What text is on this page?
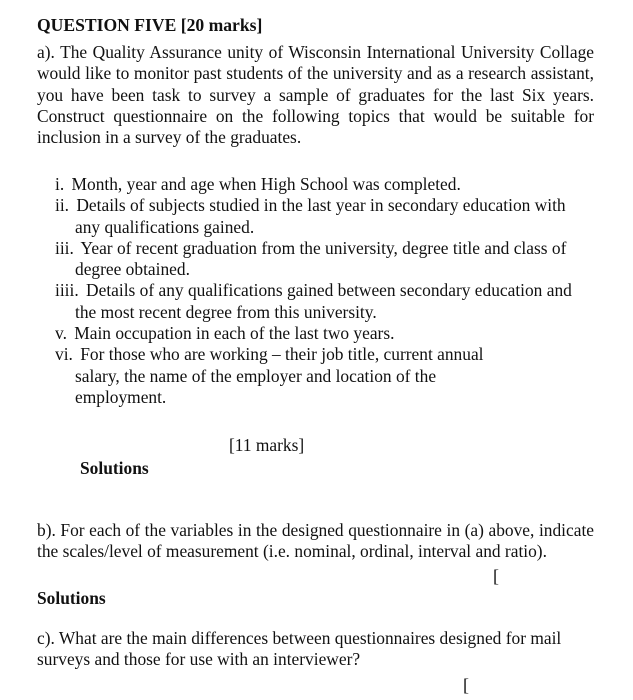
QUESTION FIVE [20 marks]
a). The Quality Assurance unity of Wisconsin International University Collage would like to monitor past students of the university and as a research assistant, you have been task to survey a sample of graduates for the last Six years. Construct questionnaire on the following topics that would be suitable for inclusion in a survey of the graduates.

i. Month, year and age when High School was completed.

ii. Details of subjects studied in the last year in secondary education with any qualifications gained.

iii. Year of recent graduation from the university, degree title and class of degree obtained.

iiii. Details of any qualifications gained between secondary education and the most recent degree from this university.

v. Main occupation in each of the last two years.

vi. For those who are working – their job title, current annual salary, the name of the employer and location of the employment.

[11 marks]
Solutions
b). For each of the variables in the designed questionnaire in (a) above, indicate the scales/level of measurement (i.e. nominal, ordinal, interval and ratio).
[
Solutions
c). What are the main differences between questionnaires designed for mail surveys and those for use with an interviewer?
[
